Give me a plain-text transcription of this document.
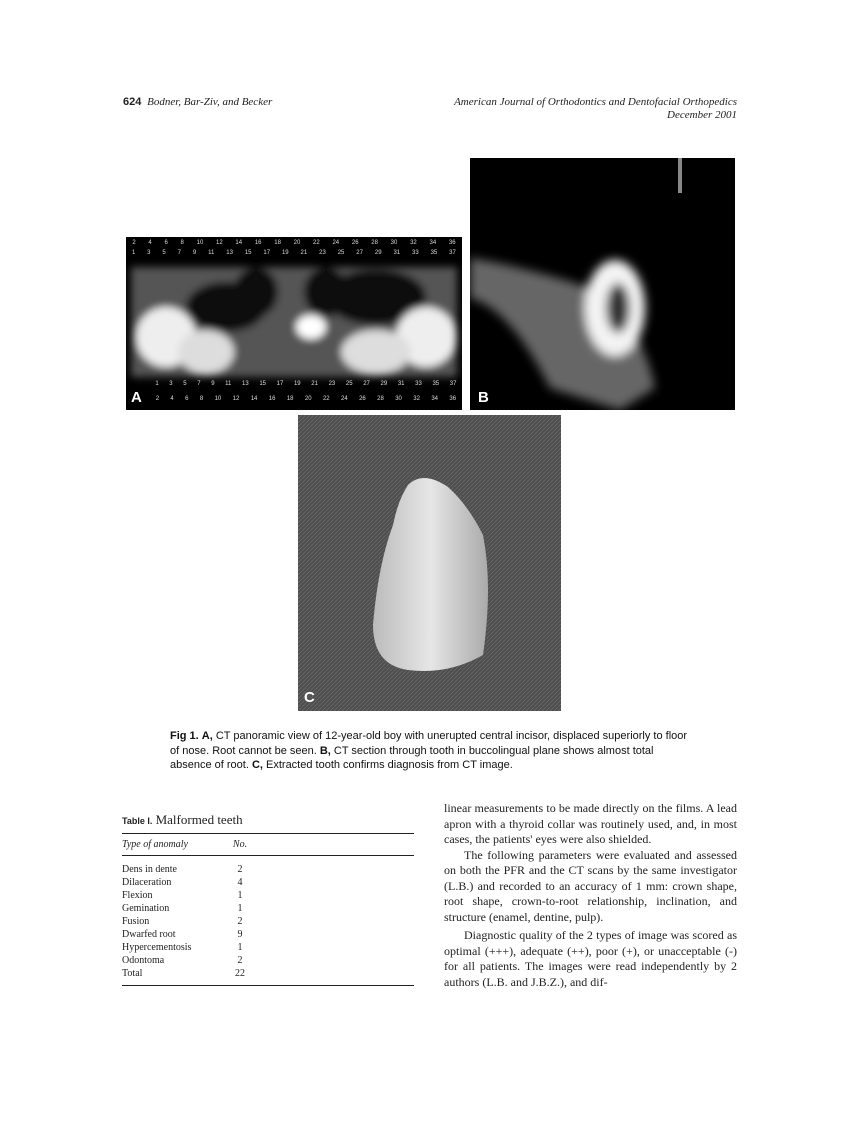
624 Bodner, Bar-Ziv, and Becker	American Journal of Orthodontics and Dentofacial Orthopedics
December 2001
2 4 6 8 10 12 14 16 18 20 22 24 26 28 30 32 34 36
1 3 5 7 9 11 13 15 17 19 21 23 25 27 29 31 33 35 37
1 3 5 7 9 11 13 15 17 19 21 23 25 27 29 31 33 35 37
2 4 6 8 10 12 14 16 18 20 22 24 26 28 30 32 34 36
A	B
C
Fig 1. A, CT panoramic view of 12-year-old boy with unerupted central incisor, displaced superiorly to floor of nose. Root cannot be seen. B, CT section through tooth in buccolingual plane shows almost total absence of root. C, Extracted tooth confirms diagnosis from CT image.
Table I. Malformed teeth
Type of anomaly	No.
Dens in dente	2
Dilaceration	4
Flexion	1
Gemination	1
Fusion	2
Dwarfed root	9
Hypercementosis	1
Odontoma	2
Total	22

linear measurements to be made directly on the films. A lead apron with a thyroid collar was routinely used, and, in most cases, the patients' eyes were also shielded.

The following parameters were evaluated and assessed on both the PFR and the CT scans by the same investigator (L.B.) and recorded to an accuracy of 1 mm: crown shape, root shape, crown-to-root relationship, inclination, and structure (enamel, dentine, pulp).

Diagnostic quality of the 2 types of image was scored as optimal (+++), adequate (++), poor (+), or unacceptable (-) for all patients. The images were read independently by 2 authors (L.B. and J.B.Z.), and dif-
